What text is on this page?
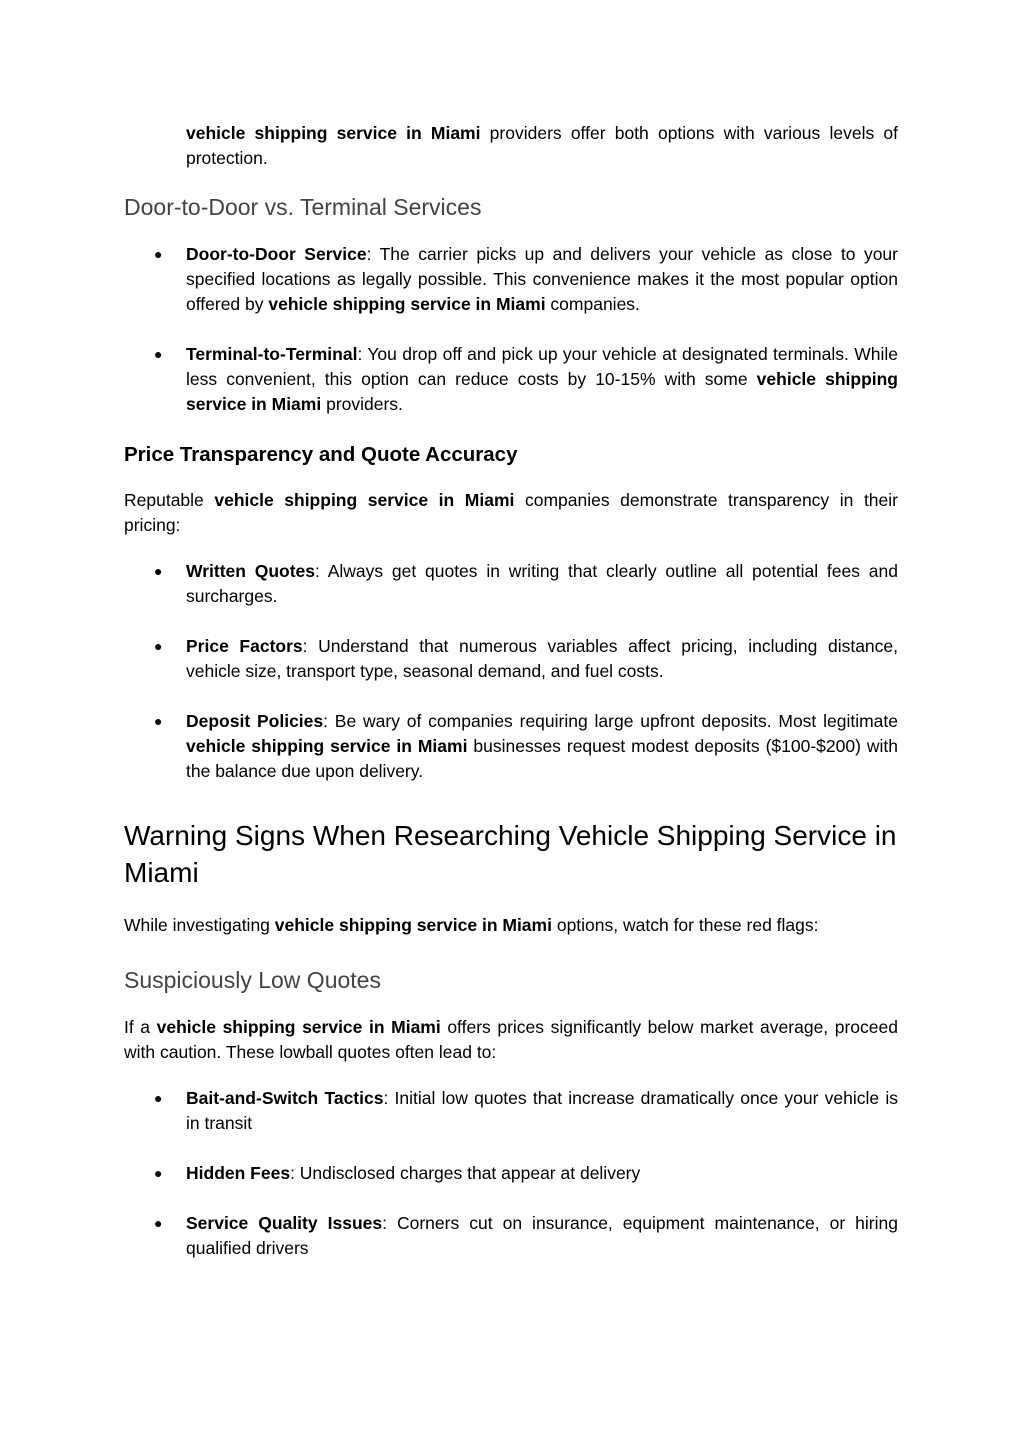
vehicle shipping service in Miami providers offer both options with various levels of protection.

Door-to-Door vs. Terminal Services
● Door-to-Door Service: The carrier picks up and delivers your vehicle as close to your specified locations as legally possible. This convenience makes it the most popular option offered by vehicle shipping service in Miami companies.
● Terminal-to-Terminal: You drop off and pick up your vehicle at designated terminals. While less convenient, this option can reduce costs by 10-15% with some vehicle shipping service in Miami providers.
Price Transparency and Quote Accuracy

Reputable vehicle shipping service in Miami companies demonstrate transparency in their pricing:

● Written Quotes: Always get quotes in writing that clearly outline all potential fees and surcharges.
● Price Factors: Understand that numerous variables affect pricing, including distance, vehicle size, transport type, seasonal demand, and fuel costs.
● Deposit Policies: Be wary of companies requiring large upfront deposits. Most legitimate vehicle shipping service in Miami businesses request modest deposits ($100-$200) with the balance due upon delivery.
Warning Signs When Researching Vehicle Shipping Service in Miami

While investigating vehicle shipping service in Miami options, watch for these red flags:

Suspiciously Low Quotes

If a vehicle shipping service in Miami offers prices significantly below market average, proceed with caution. These lowball quotes often lead to:

● Bait-and-Switch Tactics: Initial low quotes that increase dramatically once your vehicle is in transit
● Hidden Fees: Undisclosed charges that appear at delivery
● Service Quality Issues: Corners cut on insurance, equipment maintenance, or hiring qualified drivers
